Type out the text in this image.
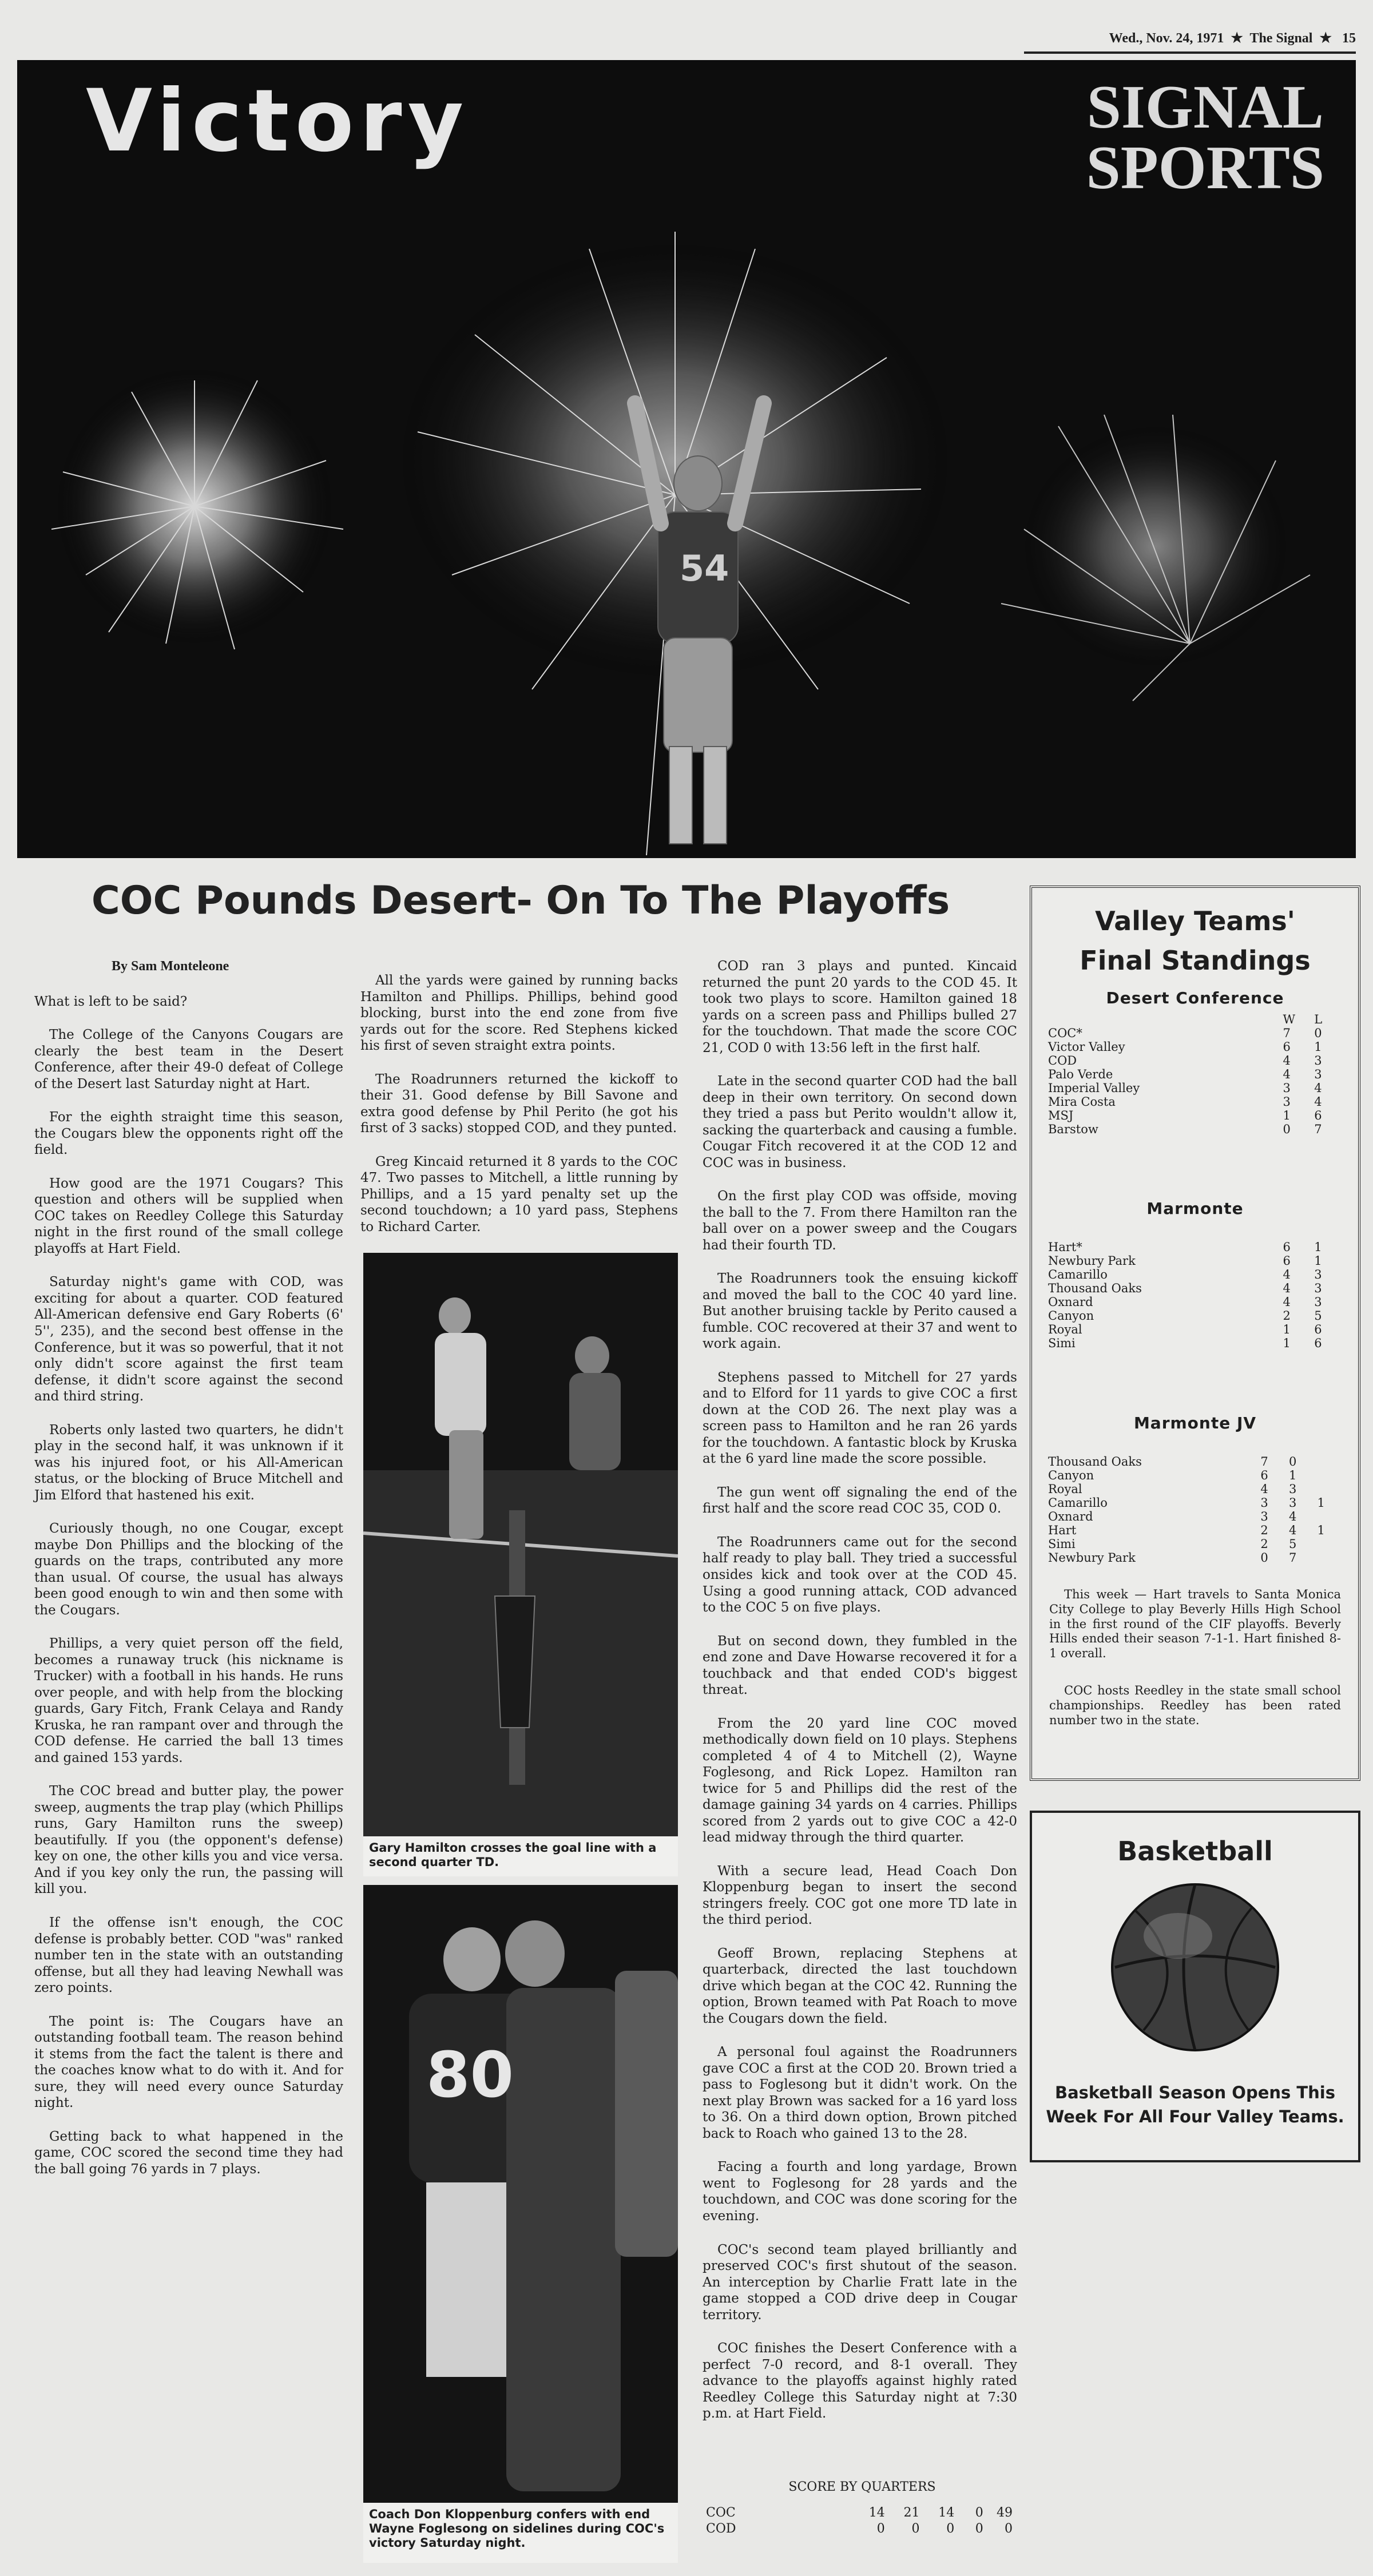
Wed., Nov. 24, 1971 ★ The Signal ★ 15
54
Victory	SIGNAL
SPORTS
COC Pounds Desert- On To The Playoffs

By Sam Monteleone

What is left to be said?

The College of the Canyons Cougars are clearly the best team in the Desert Conference, after their 49-0 defeat of College of the Desert last Saturday night at Hart.

For the eighth straight time this season, the Cougars blew the opponents right off the field.

How good are the 1971 Cougars? This question and others will be supplied when COC takes on Reedley College this Saturday night in the first round of the small college playoffs at Hart Field.

Saturday night's game with COD, was exciting for about a quarter. COD featured All-American defensive end Gary Roberts (6' 5'', 235), and the second best offense in the Conference, but it was so powerful, that it not only didn't score against the first team defense, it didn't score against the second and third string.

Roberts only lasted two quarters, he didn't play in the second half, it was unknown if it was his injured foot, or his All-American status, or the blocking of Bruce Mitchell and Jim Elford that hastened his exit.

Curiously though, no one Cougar, except maybe Don Phillips and the blocking of the guards on the traps, contributed any more than usual. Of course, the usual has always been good enough to win and then some with the Cougars.

Phillips, a very quiet person off the field, becomes a runaway truck (his nickname is Trucker) with a football in his hands. He runs over people, and with help from the blocking guards, Gary Fitch, Frank Celaya and Randy Kruska, he ran rampant over and through the COD defense. He carried the ball 13 times and gained 153 yards.

The COC bread and butter play, the power sweep, augments the trap play (which Phillips runs, Gary Hamilton runs the sweep) beautifully. If you (the opponent's defense) key on one, the other kills you and vice versa. And if you key only the run, the passing will kill you.

If the offense isn't enough, the COC defense is probably better. COD "was" ranked number ten in the state with an outstanding offense, but all they had leaving Newhall was zero points.

The point is: The Cougars have an outstanding football team. The reason behind it stems from the fact the talent is there and the coaches know what to do with it. And for sure, they will need every ounce Saturday night.

Getting back to what happened in the game, COC scored the second time they had the ball going 76 yards in 7 plays.

All the yards were gained by running backs Hamilton and Phillips. Phillips, behind good blocking, burst into the end zone from five yards out for the score. Red Stephens kicked his first of seven straight extra points.

The Roadrunners returned the kickoff to their 31. Good defense by Bill Savone and extra good defense by Phil Perito (he got his first of 3 sacks) stopped COD, and they punted.

Greg Kincaid returned it 8 yards to the COC 47. Two passes to Mitchell, a little running by Phillips, and a 15 yard penalty set up the second touchdown; a 10 yard pass, Stephens to Richard Carter.

Gary Hamilton crosses the goal line with a second quarter TD.
80
Coach Don Kloppenburg confers with end Wayne Foglesong on sidelines during COC's victory Saturday night.

COD ran 3 plays and punted. Kincaid returned the punt 20 yards to the COD 45. It took two plays to score. Hamilton gained 18 yards on a screen pass and Phillips bulled 27 for the touchdown. That made the score COC 21, COD 0 with 13:56 left in the first half.

Late in the second quarter COD had the ball deep in their own territory. On second down they tried a pass but Perito wouldn't allow it, sacking the quarterback and causing a fumble. Cougar Fitch recovered it at the COD 12 and COC was in business.

On the first play COD was offside, moving the ball to the 7. From there Hamilton ran the ball over on a power sweep and the Cougars had their fourth TD.

The Roadrunners took the ensuing kickoff and moved the ball to the COC 40 yard line. But another bruising tackle by Perito caused a fumble. COC recovered at their 37 and went to work again.

Stephens passed to Mitchell for 27 yards and to Elford for 11 yards to give COC a first down at the COD 26. The next play was a screen pass to Hamilton and he ran 26 yards for the touchdown. A fantastic block by Kruska at the 6 yard line made the score possible.

The gun went off signaling the end of the first half and the score read COC 35, COD 0.

The Roadrunners came out for the second half ready to play ball. They tried a successful onsides kick and took over at the COD 45. Using a good running attack, COD advanced to the COC 5 on five plays.

But on second down, they fumbled in the end zone and Dave Howarse recovered it for a touchback and that ended COD's biggest threat.

From the 20 yard line COC moved methodically down field on 10 plays. Stephens completed 4 of 4 to Mitchell (2), Wayne Foglesong, and Rick Lopez. Hamilton ran twice for 5 and Phillips did the rest of the damage gaining 34 yards on 4 carries. Phillips scored from 2 yards out to give COC a 42-0 lead midway through the third quarter.

With a secure lead, Head Coach Don Kloppenburg began to insert the second stringers freely. COC got one more TD late in the third period.

Geoff Brown, replacing Stephens at quarterback, directed the last touchdown drive which began at the COC 42. Running the option, Brown teamed with Pat Roach to move the Cougars down the field.

A personal foul against the Roadrunners gave COC a first at the COD 20. Brown tried a pass to Foglesong but it didn't work. On the next play Brown was sacked for a 16 yard loss to 36. On a third down option, Brown pitched back to Roach who gained 13 to the 28.

Facing a fourth and long yardage, Brown went to Foglesong for 28 yards and the touchdown, and COC was done scoring for the evening.

COC's second team played brilliantly and preserved COC's first shutout of the season. An interception by Charlie Fratt late in the game stopped a COD drive deep in Cougar territory.

COC finishes the Desert Conference with a perfect 7-0 record, and 8-1 overall. They advance to the playoffs against highly rated Reedley College this Saturday night at 7:30 p.m. at Hart Field.

SCORE BY QUARTERS
COC	14	21	14	0	49
COD	0	0	0	0	0
Valley Teams'
Final Standings
Desert Conference
	W	L
COC*	7	0
Victor Valley	6	1
COD	4	3
Palo Verde	4	3
Imperial Valley	3	4
Mira Costa	3	4
MSJ	1	6
Barstow	0	7
Marmonte
Hart*	6	1
Newbury Park	6	1
Camarillo	4	3
Thousand Oaks	4	3
Oxnard	4	3
Canyon	2	5
Royal	1	6
Simi	1	6
Marmonte JV
Thousand Oaks	7	0	
Canyon	6	1	
Royal	4	3	
Camarillo	3	3	1
Oxnard	3	4	
Hart	2	4	1
Simi	2	5	
Newbury Park	0	7	

This week — Hart travels to Santa Monica City College to play Beverly Hills High School in the first round of the CIF playoffs. Beverly Hills ended their season 7-1-1. Hart finished 8-1 overall.

COC hosts Reedley in the state small school championships. Reedley has been rated number two in the state.

Basketball
Basketball Season Opens This Week For All Four Valley Teams.
